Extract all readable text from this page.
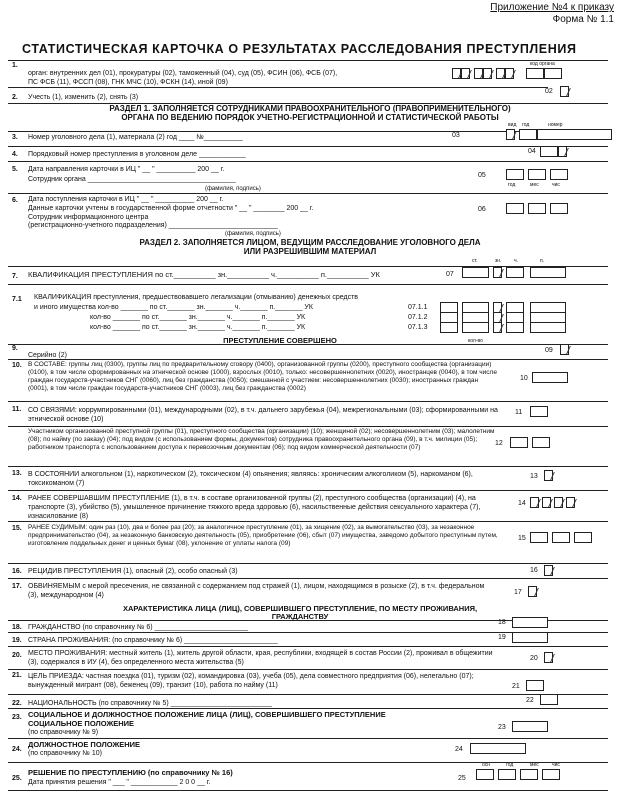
Приложение №4 к приказу
Форма № 1.1
СТАТИСТИЧЕСКАЯ КАРТОЧКА О РЕЗУЛЬТАТАХ РАССЛЕДОВАНИЯ ПРЕСТУПЛЕНИЯ
1.	код органа
орган: внутренних дел (01), прокуратуры (02), таможенный (04), суд (05), ФСИН (06), ФСБ (07),
ПС ФСБ (11), ФССП (08), ГНК МЧС (10), ФСКН (14), иной (09)
02
2. Учесть (1), изменить (2), снять (3)
РАЗДЕЛ 1. ЗАПОЛНЯЕТСЯ СОТРУДНИКАМИ ПРАВООХРАНИТЕЛЬНОГО (ПРАВОПРИМЕНИТЕЛЬНОГО)
ОРГАНА ПО ВЕДЕНИЮ ПОРЯДОК УЧЕТНО-РЕГИСТРАЦИОННОЙ И СТАТИСТИЧЕСКОЙ РАБОТЫ
вид год	номер
3. Номер уголовного дела (1), материала (2) год ____ №__________	03
4. Порядковый номер преступления в уголовном деле ____________	04
5. Дата направления карточки в ИЦ " __ " __________ 200 __ г.
Сотрудник органа ______________________________________
(фамилия, подпись)
05
год	мес	чис
6. Дата поступления карточки в ИЦ " __ " __________ 200 __ г.
Данные карточки учтены в государственной форме отчетности " __ " ________ 200 __ г.
Сотрудник информационного центра
(регистрационно-учетного подразделения) ____________________________
(фамилия, подпись)
06
РАЗДЕЛ 2. ЗАПОЛНЯЕТСЯ ЛИЦОМ, ВЕДУЩИМ РАССЛЕДОВАНИЕ УГОЛОВНОГО ДЕЛА
ИЛИ РАЗРЕШИВШИМ МАТЕРИАЛ
ст.	зн.	ч.	п.
7. КВАЛИФИКАЦИЯ ПРЕСТУПЛЕНИЯ по ст.__________ зн.__________ ч.__________ п.__________ УК	07
7.1 КВАЛИФИКАЦИЯ преступления, предшествовавшего легализации (отмыванию) денежных средств
и иного имущества кол-во _______ по ст._______ зн._______ ч._______ п._______ УК
кол-во _______ по ст._______ зн._______ ч._______ п._______ УК
кол-во _______ по ст._______ зн._______ ч._______ п._______ УК
07.1.1
07.1.2
07.1.3
ПРЕСТУПЛЕНИЕ СОВЕРШЕНО	кол-во
9.
Серийно (2)
09
10. В СОСТАВЕ: группы лиц (0300), группы лиц по предварительному сговору (0400), организованной группы (0200), преступного сообщества (организации) (0100), в том числе сформированных на этнической основе (1000), взрослых (0010), только: несовершеннолетних (0020), иностранцев (0040), в том числе граждан государств-участников СНГ (0060), лиц без гражданства (0050); смешанной с участием: несовершеннолетних (0030); иностранных граждан (0001), в том числе граждан государств-участников СНГ (0003), лиц без гражданства (0002)
10
11. СО СВЯЗЯМИ: коррумпированными (01), международными (02), в т.ч. дальнего зарубежья (04), межрегиональными (03); сформированными на этнической основе (10)
11
Участником организованной преступной группы (01), преступного сообщества (организации) (10); женщиной (02); несовершеннолетним (03); малолетним (08); по найму (по заказу) (04); под видом (с использованием формы, документов) сотрудника правоохранительного органа (09), в т.ч. милиции (05); работником транспорта с использованием доступа к перевозочным документам (06); под видом коммерческой деятельности (07)
12
13. В СОСТОЯНИИ алкогольном (1), наркотическом (2), токсическом (4) опьянения; являясь: хроническим алкоголиком (5), наркоманом (6), токсикоманом (7)
13
14. РАНЕЕ СОВЕРШАВШИМ ПРЕСТУПЛЕНИЕ (1), в т.ч. в составе организованной группы (2), преступного сообщества (организации) (4), на транспорте (3), убийство (5), умышленное причинение тяжкого вреда здоровью (6), насильственные действия сексуального характера (7), изнасилование (8)
14
15. РАНЕЕ СУДИМЫМ: один раз (10), два и более раз (20); за аналогичное преступление (01), за хищение (02), за вымогательство (03), за незаконное предпринимательство (04), за незаконную банковскую деятельность (05), приобретение (06), сбыт (07) имущества, заведомо добытого преступным путем, изготовление поддельных денег и ценных бумаг (08), уклонение от уплаты налога (09)
15
16. РЕЦИДИВ ПРЕСТУПЛЕНИЯ (1), опасный (2), особо опасный (3)	16
17. ОБВИНЯЕМЫМ с мерой пресечения, не связанной с содержанием под стражей (1), лицом, находящимся в розыске (2), в т.ч. федеральном (3), международном (4)	17
ХАРАКТЕРИСТИКА ЛИЦА (ЛИЦ), СОВЕРШИВШЕГО ПРЕСТУПЛЕНИЕ, ПО МЕСТУ ПРОЖИВАНИЯ,
ГРАЖДАНСТВУ
18. ГРАЖДАНСТВО (по справочнику № 6) ________________________
18
19. СТРАНА ПРОЖИВАНИЯ: (по справочнику № 6) ________________________	19
20. МЕСТО ПРОЖИВАНИЯ: местный житель (1), житель другой области, края, республики, входящей в состав России (2), проживал в общежитии (3), содержался в ИУ (4), без определенного места жительства (5)
20
21. ЦЕЛЬ ПРИЕЗДА: частная поездка (01), туризм (02), командировка (03), учеба (05), дела совместного предприятия (06), нелегально (07); вынужденный мигрант (08), беженец (09), транзит (10), работа по найму (11)	21
22. НАЦИОНАЛЬНОСТЬ (по справочнику № 5) __________________________	22
23. СОЦИАЛЬНОЕ И ДОЛЖНОСТНОЕ ПОЛОЖЕНИЕ ЛИЦА (ЛИЦ), СОВЕРШИВШЕГО ПРЕСТУПЛЕНИЕ
СОЦИАЛЬНОЕ ПОЛОЖЕНИЕ
(по справочнику № 9)
23
24.
ДОЛЖНОСТНОЕ ПОЛОЖЕНИЕ
(по справочнику № 10)
24
осн	год	мес	чис
25.
РЕШЕНИЕ ПО ПРЕСТУПЛЕНИЮ (по справочнику № 16)
Дата принятия решения " ___ " ____________ 2 0 0 __ г.
25
